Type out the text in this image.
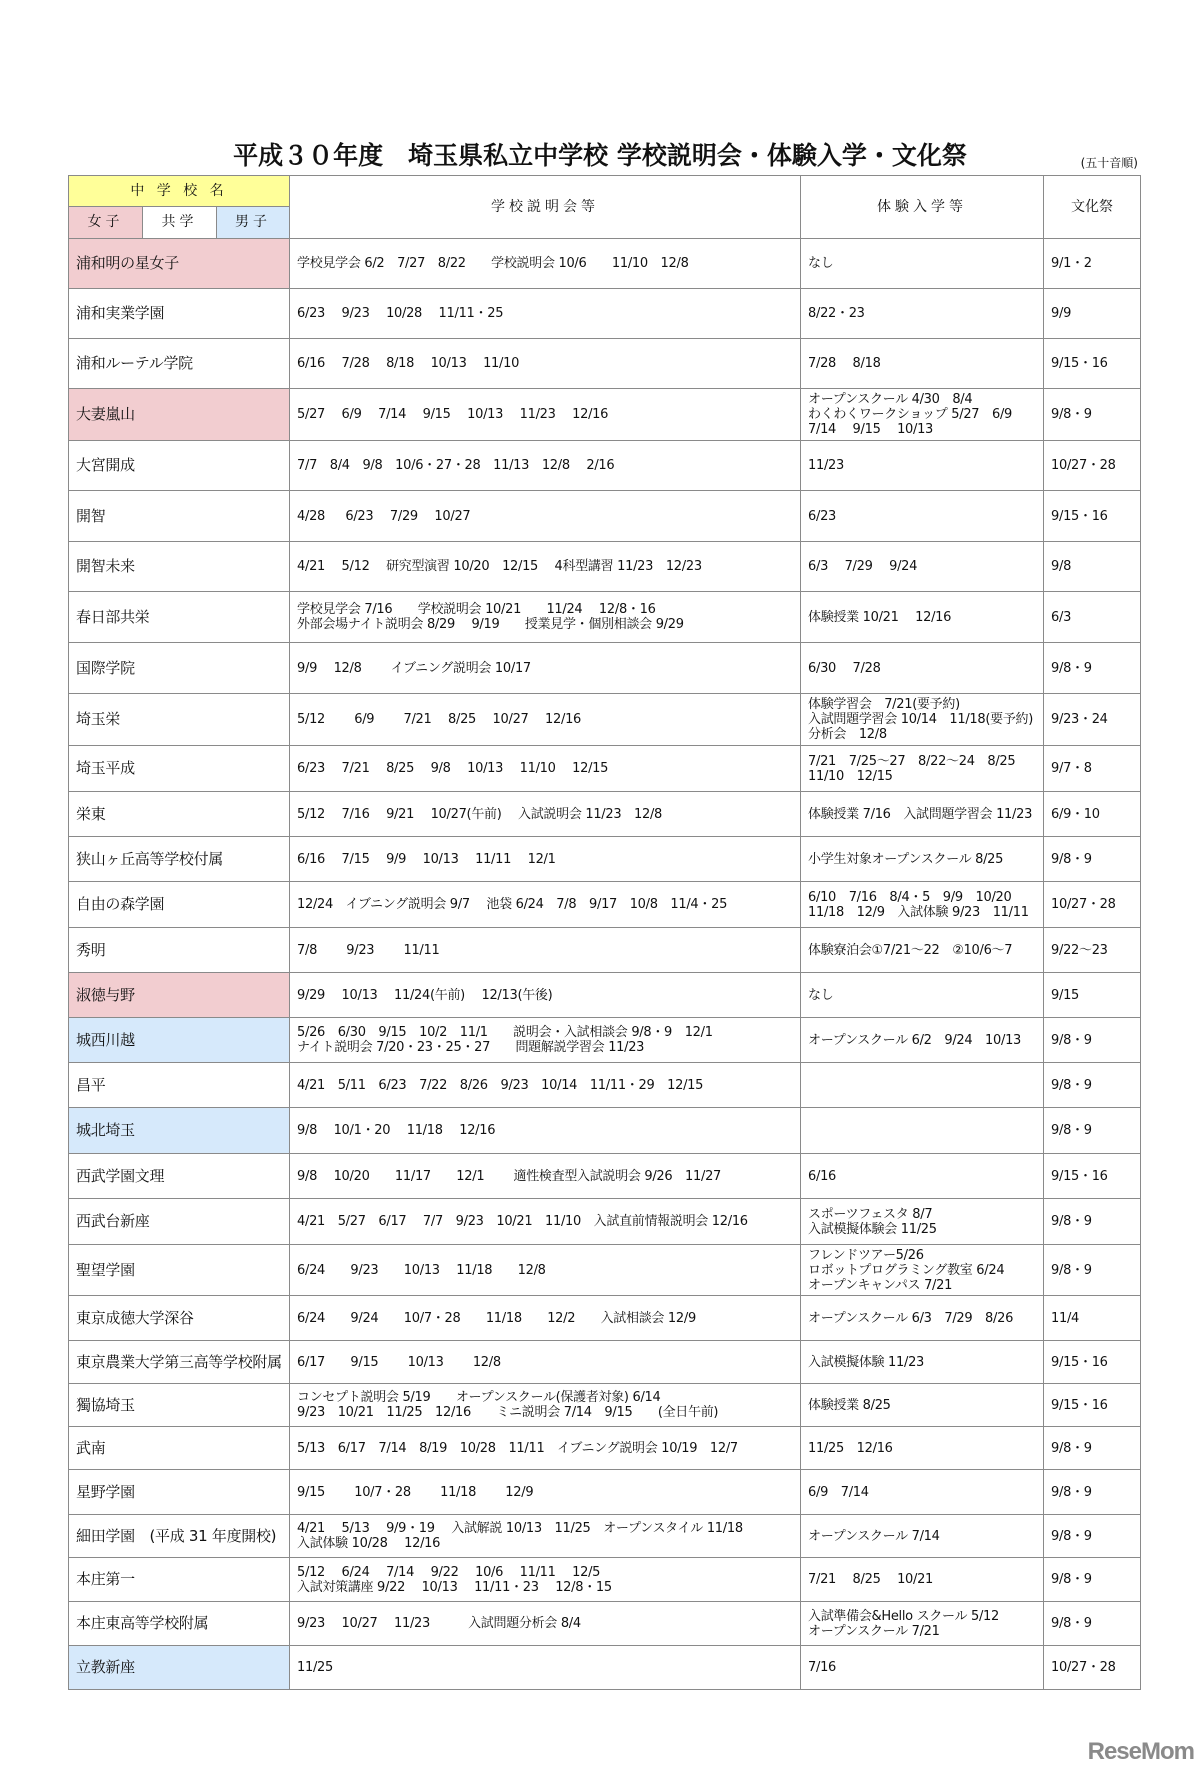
平成３０年度　埼玉県私立中学校 学校説明会・体験入学・文化祭	(五十音順)
中 学 校 名			学校説明会等	体験入学等	文化祭
女子	共学	男子			
浦和明の星女子			学校見学会 6/2　7/27　8/22　　学校説明会 10/6　　11/10　12/8	なし	9/1・2
浦和実業学園			6/23　 9/23　 10/28　 11/11・25	8/22・23	9/9
浦和ルーテル学院			6/16　 7/28　 8/18　 10/13　 11/10	7/28　 8/18	9/15・16
大妻嵐山			5/27　 6/9　 7/14　 9/15　 10/13　 11/23　 12/16	オープンスクール 4/30　8/4
わくわくワークショップ 5/27　6/9
7/14　 9/15　 10/13	9/8・9
大宮開成			7/7　8/4　9/8　10/6・27・28　11/13　12/8　 2/16	11/23	10/27・28
開智			4/28　  6/23　 7/29　 10/27	6/23	9/15・16
開智未来			4/21　 5/12　 研究型演習 10/20　12/15　 4科型講習 11/23　12/23	6/3　 7/29　 9/24	9/8
春日部共栄			学校見学会 7/16　　学校説明会 10/21　　11/24　 12/8・16
外部会場ナイト説明会 8/29　 9/19　　授業見学・個別相談会 9/29	体験授業 10/21　 12/16	6/3
国際学院			9/9　 12/8　　 イブニング説明会 10/17	6/30　 7/28	9/8・9
埼玉栄			5/12　　 6/9　　 7/21　 8/25　 10/27　 12/16	体験学習会　7/21(要予約)
入試問題学習会 10/14　11/18(要予約)
分析会　12/8	9/23・24
埼玉平成			6/23　 7/21　 8/25　 9/8　 10/13　 11/10　 12/15	7/21　7/25～27　8/22～24　8/25
11/10　12/15	9/7・8
栄東			5/12　 7/16　 9/21　 10/27(午前)　 入試説明会 11/23　12/8	体験授業 7/16　入試問題学習会 11/23	6/9・10
狭山ヶ丘高等学校付属			6/16　 7/15　 9/9　 10/13　 11/11　 12/1	小学生対象オープンスクール 8/25	9/8・9
自由の森学園			12/24　イブニング説明会 9/7　 池袋 6/24　7/8　9/17　10/8　11/4・25	6/10　7/16　8/4・5　9/9　10/20
11/18　12/9　入試体験 9/23　11/11	10/27・28
秀明			7/8　　 9/23　　 11/11	体験寮泊会①7/21～22　②10/6～7	9/22～23
淑徳与野			9/29　 10/13　 11/24(午前)　 12/13(午後)	なし	9/15
城西川越			5/26　6/30　9/15　10/2　11/1　　説明会・入試相談会 9/8・9　12/1
ナイト説明会 7/20・23・25・27　　問題解説学習会 11/23	オープンスクール 6/2　9/24　10/13	9/8・9
昌平			4/21　5/11　6/23　7/22　8/26　9/23　10/14　11/11・29　12/15		9/8・9
城北埼玉			9/8　 10/1・20　 11/18　 12/16		9/8・9
西武学園文理			9/8　 10/20　　11/17　　12/1　　 適性検査型入試説明会 9/26　11/27	6/16	9/15・16
西武台新座			4/21　5/27　6/17　 7/7　9/23　10/21　11/10　入試直前情報説明会 12/16	スポーツフェスタ 8/7
入試模擬体験会 11/25	9/8・9
聖望学園			6/24　　9/23　　10/13　 11/18　　12/8	フレンドツアー5/26
ロボットプログラミング教室 6/24
オープンキャンパス 7/21	9/8・9
東京成徳大学深谷			6/24　　9/24　　10/7・28　　11/18　　12/2　　入試相談会 12/9	オープンスクール 6/3　7/29　8/26	11/4
東京農業大学第三高等学校附属			6/17　　9/15　　 10/13　　 12/8	入試模擬体験 11/23	9/15・16
獨協埼玉			コンセプト説明会 5/19　　オープンスクール(保護者対象) 6/14
9/23　10/21　11/25　12/16　　ミニ説明会 7/14　9/15　　(全日午前)	体験授業 8/25	9/15・16
武南			5/13　6/17　7/14　8/19　10/28　11/11　イブニング説明会 10/19　12/7	11/25　12/16	9/8・9
星野学園			9/15　　 10/7・28　　 11/18　　 12/9	6/9　7/14	9/8・9
細田学園　(平成 31 年度開校)			4/21　 5/13　 9/9・19　 入試解説 10/13　11/25　オープンスタイル 11/18
入試体験 10/28　 12/16	オープンスクール 7/14	9/8・9
本庄第一			5/12　 6/24　 7/14　 9/22　 10/6　 11/11　 12/5
入試対策講座 9/22　 10/13　 11/11・23　 12/8・15	7/21　 8/25　 10/21	9/8・9
本庄東高等学校附属			9/23　 10/27　 11/23　　　入試問題分析会 8/4	入試準備会&Hello スクール 5/12
オープンスクール 7/21	9/8・9
立教新座			11/25	7/16	10/27・28
ReseMom
